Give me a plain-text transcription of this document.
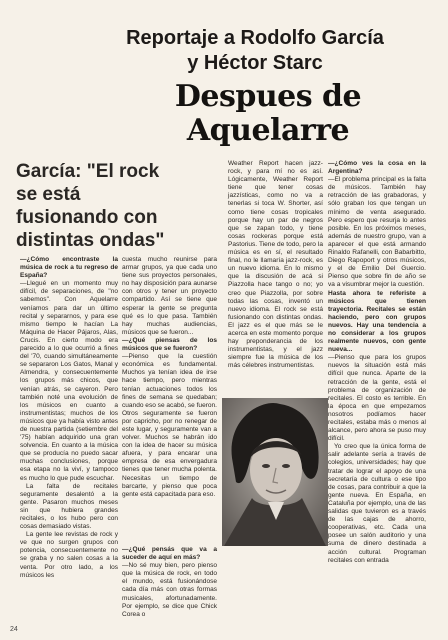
Reportaje a Rodolfo García
y Héctor Starc
Despues de
Aquelarre
García: "El rock se está fusionando con distintas ondas"

—¿Cómo encontraste la música de rock a tu regreso de España?

—Llegué en un momento muy difícil, de separaciones, de "no sabemos". Con Aquelarre veníamos para dar un último recital y separarnos, y para ese mismo tiempo le hacían La Máquina de Hacer Pájaros, Alas, Crucis. En cierto modo era parecido a lo que ocurrió a fines del '70, cuando simultáneamente se separaron Los Gatos, Manal y Almendra, y consecuentemente los grupos más chicos, que venían atrás, se cayeron. Pero también noté una evolución de los músicos en cuanto a instrumentistas; muchos de los músicos que ya había visto antes de nuestra partida (setiembre del '75) habían adquirido una gran solvencia. En cuanto a la música que se producía no puedo sacar muchas conclusiones, porque esa etapa no la viví, y tampoco es mucho lo que pude escuchar.

La falta de recitales seguramente desalentó a la gente. Pasaron muchos meses sin que hubiera grandes recitales, o los hubo pero con cosas demasiado vistas.

La gente lee revistas de rock y ve que no surgen grupos con potencia, consecuentemente no se graba y no salen cosas a la venta. Por otro lado, a los músicos les

cuesta mucho reunirse para armar grupos, ya que cada uno tiene sus proyectos personales, no hay disposición para aunarse con otros y tener un proyecto compartido. Así se tiene que esperar la gente se pregunta qué es lo que pasa. También hay muchas audiencias, músicos que se fueron...

—¿Qué piensas de los músicos que se fueron?

—Pienso que la cuestión económica es fundamental. Muchos ya tenían idea de irse hace tiempo, pero mientras tenían actuaciones todos los fines de semana se quedaban; cuando eso se acabó, se fueron. Otros seguramente se fueron por capricho, por no renegar de este lugar, y seguramente van a volver. Muchos se habrán ido con la idea de hacer su música afuera, y para encarar una empresa de esa envergadura tienes que tener mucha polenta. Necesitas un tiempo de barcarte, y pienso que poca gente está capacitada para eso.

—¿Qué pensás que va a suceder de aquí en más?

—No sé muy bien, pero pienso que la música de rock, en todo el mundo, está fusionándose cada día más con otras formas musicales, afortunadamente. Por ejemplo, se dice que Chick Corea o

Weather Report hacen jazz-rock, y para mí no es así. Lógicamente, Weather Report tiene que tener cosas jazzísticas, como no va a tenerlas si toca W. Shorter, así como tiene cosas tropicales porque hay un par de negros que se zapan todo, y tiene cosas rockeras porque está Pastorius. Tiene de todo, pero la música es en sí, el resultado final, no le llamaría jazz-rock, es un nuevo idioma. En lo mismo que la discusión de acá si Piazzolla hace tango o no; yo creo que Piazzolla, por sobre todas las cosas, inventó un nuevo idioma. El rock se está fusionando con distintas ondas. El jazz es el que más se le acerca en este momento porque hay preponderancia de los instrumentistas, y el jazz siempre fue la música de los más célebres instrumentistas.

—¿Cómo ves la cosa en la Argentina?

—El problema principal es la falta de músicos. También hay retracción de las grabadoras, y sólo graban los que tengan un mínimo de venta asegurado. Pero espero que resurja lo antes posible. En los próximos meses, además de nuestro grupo, van a aparecer el que está armando Rinaldo Rafanelli, con Babarbitto, Diego Rapoport y otros músicos, y el de Emilio Del Guercio. Pienso que sobre fin de año se va a visumbrar mejor la cuestión.

Hasta ahora te referiste a músicos que tienen trayectoria. Recitales se están haciendo, pero con grupos nuevos. Hay una tendencia a no considerar a los grupos realmente nuevos, con gente nueva...

—Pienso que para los grupos nuevos la situación está más difícil que nunca. Aparte de la retracción de la gente, está el problema de organización de recitales. El costo es terrible. En la época en que empezamos nosotros podíamos hacer recitales, estaba más o menos al alcance, pero ahora se puso muy difícil.

Yo creo que la única forma de salir adelante sería a través de colegios, universidades; hay que tratar de lograr el apoyo de una secretaría de cultura o ese tipo de cosas, para contribuir a que la gente nueva. En España, en Cataluña por ejemplo, una de las salidas que tuvieron es a través de las cajas de ahorro, cooperativas, etc. Cada una posee un salón auditorio y una suma de dinero destinada a acción cultural. Programan recitales con entrada

24
